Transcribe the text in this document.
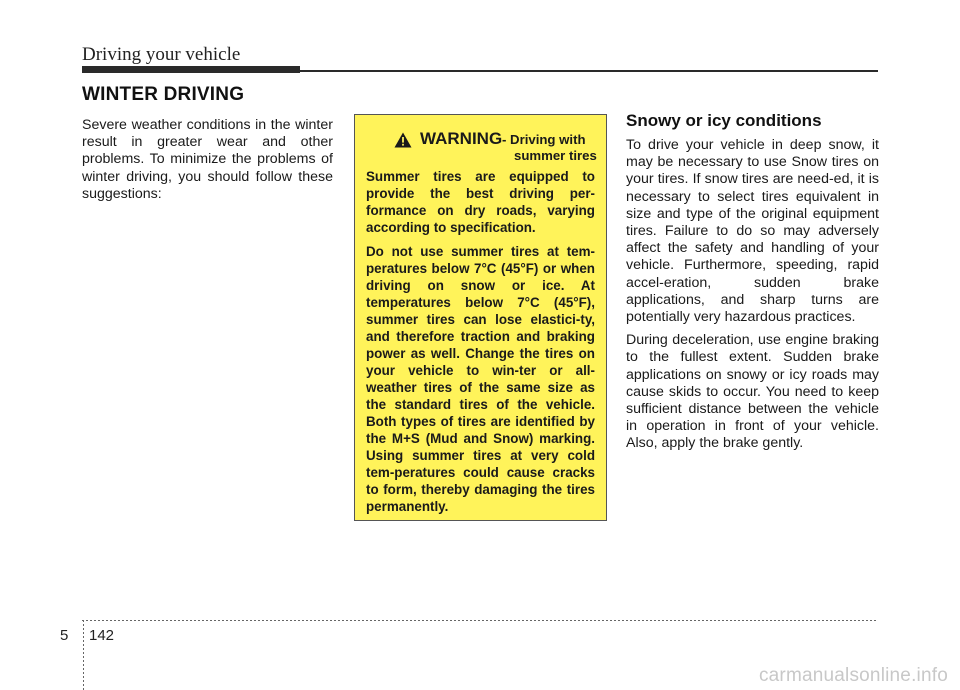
Driving your vehicle
WINTER DRIVING

Severe weather conditions in the winter result in greater wear and other problems. To minimize the problems of winter driving, you should follow these suggestions:

WARNING - Driving with summer tires

Summer tires are equipped to provide the best driving per-formance on dry roads, varying according to specification.

Do not use summer tires at tem-peratures below 7°C (45°F) or when driving on snow or ice. At temperatures below 7°C (45°F), summer tires can lose elastici-ty, and therefore traction and braking power as well. Change the tires on your vehicle to win-ter or all-weather tires of the same size as the standard tires of the vehicle. Both types of tires are identified by the M+S (Mud and Snow) marking. Using summer tires at very cold tem-peratures could cause cracks to form, thereby damaging the tires permanently.

Snowy or icy conditions

To drive your vehicle in deep snow, it may be necessary to use Snow tires on your tires. If snow tires are need-ed, it is necessary to select tires equivalent in size and type of the original equipment tires. Failure to do so may adversely affect the safety and handling of your vehicle. Furthermore, speeding, rapid accel-eration, sudden brake applications, and sharp turns are potentially very hazardous practices.

During deceleration, use engine braking to the fullest extent. Sudden brake applications on snowy or icy roads may cause skids to occur. You need to keep sufficient distance between the vehicle in operation in front of your vehicle. Also, apply the brake gently.

5 142
carmanualsonline.info
